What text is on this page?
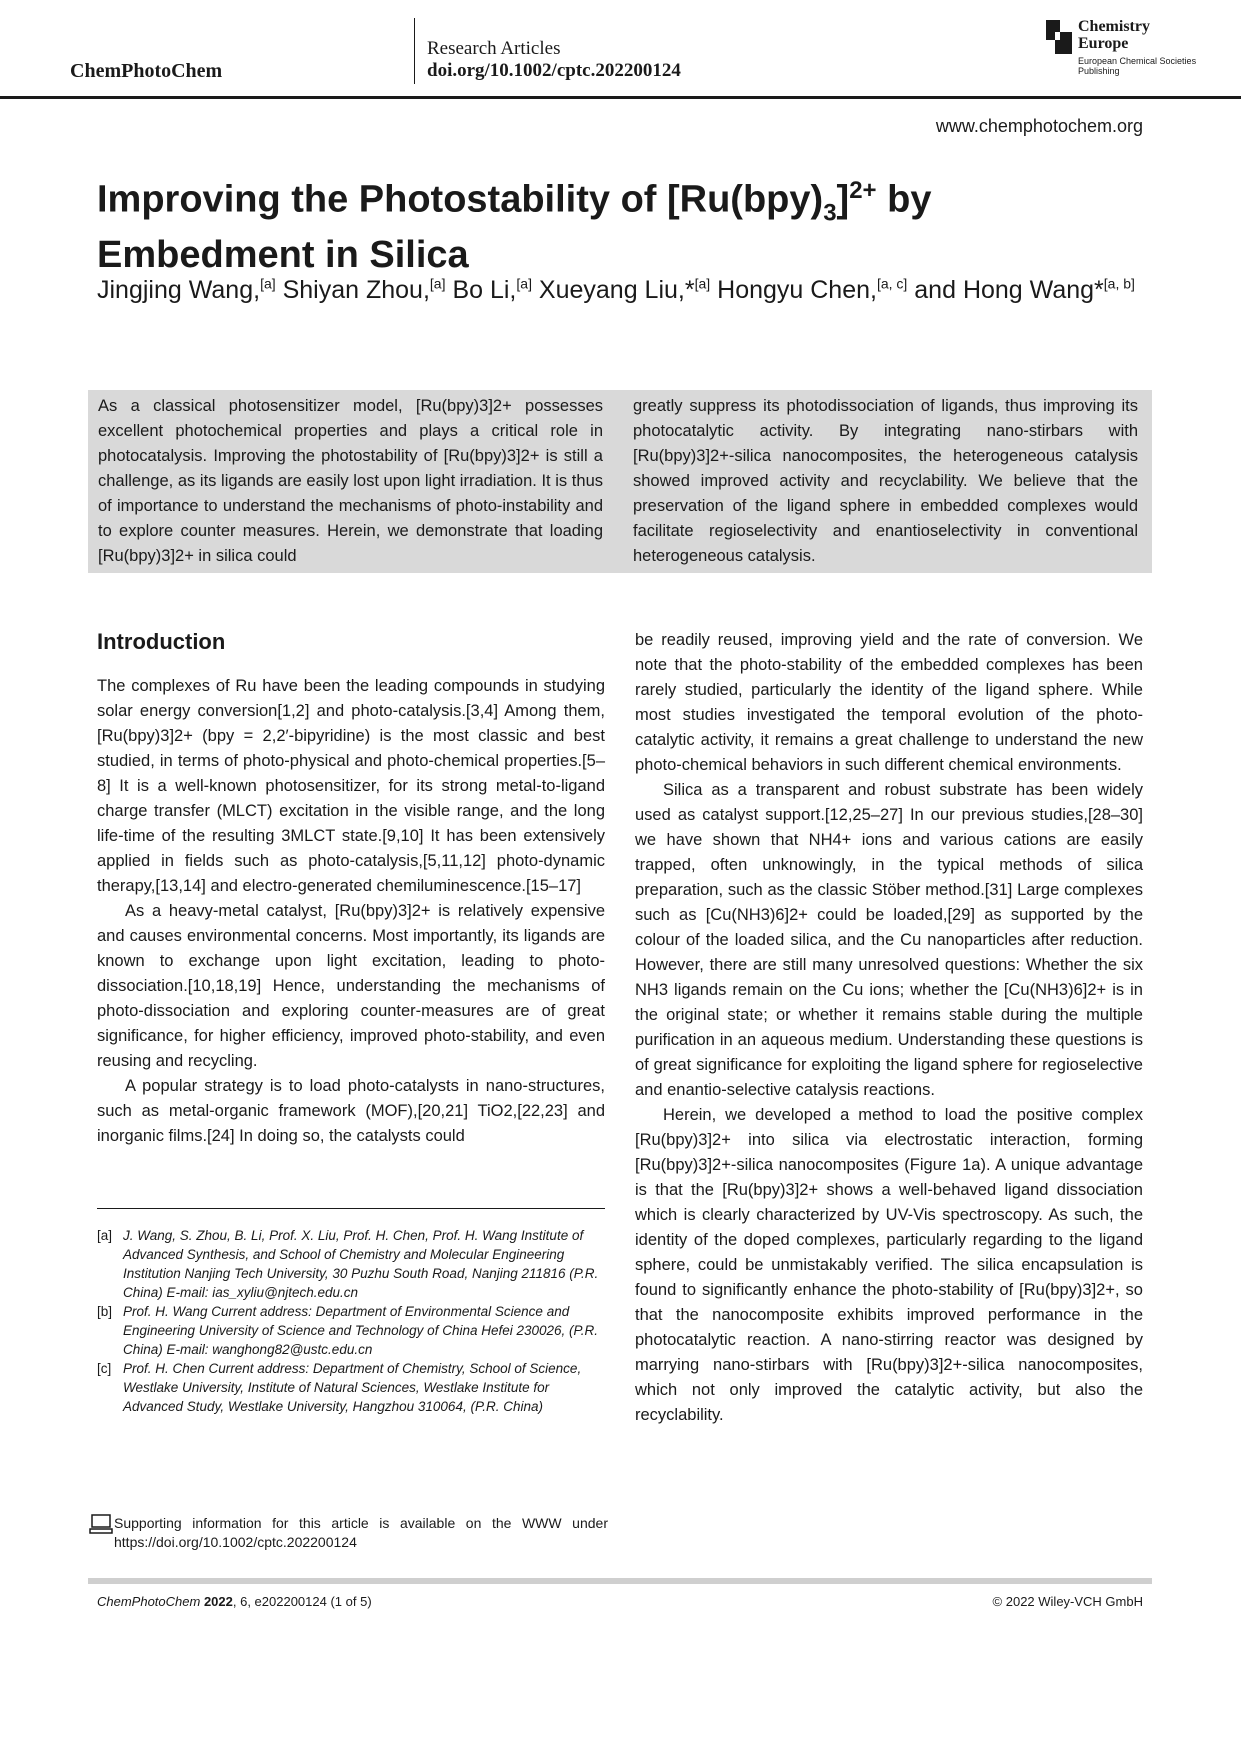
ChemPhotoChem
Research Articles
doi.org/10.1002/cptc.202200124
Chemistry Europe
European Chemical Societies Publishing
www.chemphotochem.org
Improving the Photostability of $[Ru(bpy)_3]^{2+}$ by Embedment in Silica
Jingjing Wang,[a] Shiyan Zhou,[a] Bo Li,[a] Xueyang Liu,*[a] Hongyu Chen,[a, c] and Hong Wang*[a, b]
As a classical photosensitizer model, [Ru(bpy)3]2+ possesses excellent photochemical properties and plays a critical role in photocatalysis. Improving the photostability of [Ru(bpy)3]2+ is still a challenge, as its ligands are easily lost upon light irradiation. It is thus of importance to understand the mechanisms of photo-instability and to explore counter measures. Herein, we demonstrate that loading [Ru(bpy)3]2+ in silica could
greatly suppress its photodissociation of ligands, thus improving its photocatalytic activity. By integrating nano-stirbars with [Ru(bpy)3]2+-silica nanocomposites, the heterogeneous catalysis showed improved activity and recyclability. We believe that the preservation of the ligand sphere in embedded complexes would facilitate regioselectivity and enantioselectivity in conventional heterogeneous catalysis.
Introduction

The complexes of Ru have been the leading compounds in studying solar energy conversion[1,2] and photo-catalysis.[3,4] Among them, [Ru(bpy)3]2+ (bpy = 2,2′-bipyridine) is the most classic and best studied, in terms of photo-physical and photo-chemical properties.[5–8] It is a well-known photosensitizer, for its strong metal-to-ligand charge transfer (MLCT) excitation in the visible range, and the long life-time of the resulting 3MLCT state.[9,10] It has been extensively applied in fields such as photo-catalysis,[5,11,12] photo-dynamic therapy,[13,14] and electro-generated chemiluminescence.[15–17]

As a heavy-metal catalyst, [Ru(bpy)3]2+ is relatively expensive and causes environmental concerns. Most importantly, its ligands are known to exchange upon light excitation, leading to photo-dissociation.[10,18,19] Hence, understanding the mechanisms of photo-dissociation and exploring counter-measures are of great significance, for higher efficiency, improved photo-stability, and even reusing and recycling.

A popular strategy is to load photo-catalysts in nano-structures, such as metal-organic framework (MOF),[20,21] TiO2,[22,23] and inorganic films.[24] In doing so, the catalysts could

be readily reused, improving yield and the rate of conversion. We note that the photo-stability of the embedded complexes has been rarely studied, particularly the identity of the ligand sphere. While most studies investigated the temporal evolution of the photo-catalytic activity, it remains a great challenge to understand the new photo-chemical behaviors in such different chemical environments.

Silica as a transparent and robust substrate has been widely used as catalyst support.[12,25–27] In our previous studies,[28–30] we have shown that NH4+ ions and various cations are easily trapped, often unknowingly, in the typical methods of silica preparation, such as the classic Stöber method.[31] Large complexes such as [Cu(NH3)6]2+ could be loaded,[29] as supported by the colour of the loaded silica, and the Cu nanoparticles after reduction. However, there are still many unresolved questions: Whether the six NH3 ligands remain on the Cu ions; whether the [Cu(NH3)6]2+ is in the original state; or whether it remains stable during the multiple purification in an aqueous medium. Understanding these questions is of great significance for exploiting the ligand sphere for regioselective and enantio-selective catalysis reactions.

Herein, we developed a method to load the positive complex [Ru(bpy)3]2+ into silica via electrostatic interaction, forming [Ru(bpy)3]2+-silica nanocomposites (Figure 1a). A unique advantage is that the [Ru(bpy)3]2+ shows a well-behaved ligand dissociation which is clearly characterized by UV-Vis spectroscopy. As such, the identity of the doped complexes, particularly regarding to the ligand sphere, could be unmistakably verified. The silica encapsulation is found to significantly enhance the photo-stability of [Ru(bpy)3]2+, so that the nanocomposite exhibits improved performance in the photocatalytic reaction. A nano-stirring reactor was designed by marrying nano-stirbars with [Ru(bpy)3]2+-silica nanocomposites, which not only improved the catalytic activity, but also the recyclability.

[a] J. Wang, S. Zhou, B. Li, Prof. X. Liu, Prof. H. Chen, Prof. H. Wang Institute of Advanced Synthesis, and School of Chemistry and Molecular Engineering Institution Nanjing Tech University, 30 Puzhu South Road, Nanjing 211816 (P.R. China) E-mail: ias_xyliu@njtech.edu.cn
[b] Prof. H. Wang Current address: Department of Environmental Science and Engineering University of Science and Technology of China Hefei 230026, (P.R. China) E-mail: wanghong82@ustc.edu.cn
[c] Prof. H. Chen Current address: Department of Chemistry, School of Science, Westlake University, Institute of Natural Sciences, Westlake Institute for Advanced Study, Westlake University, Hangzhou 310064, (P.R. China)
Supporting information for this article is available on the WWW under https://doi.org/10.1002/cptc.202200124
ChemPhotoChem 2022, 6, e202200124 (1 of 5)	© 2022 Wiley-VCH GmbH
